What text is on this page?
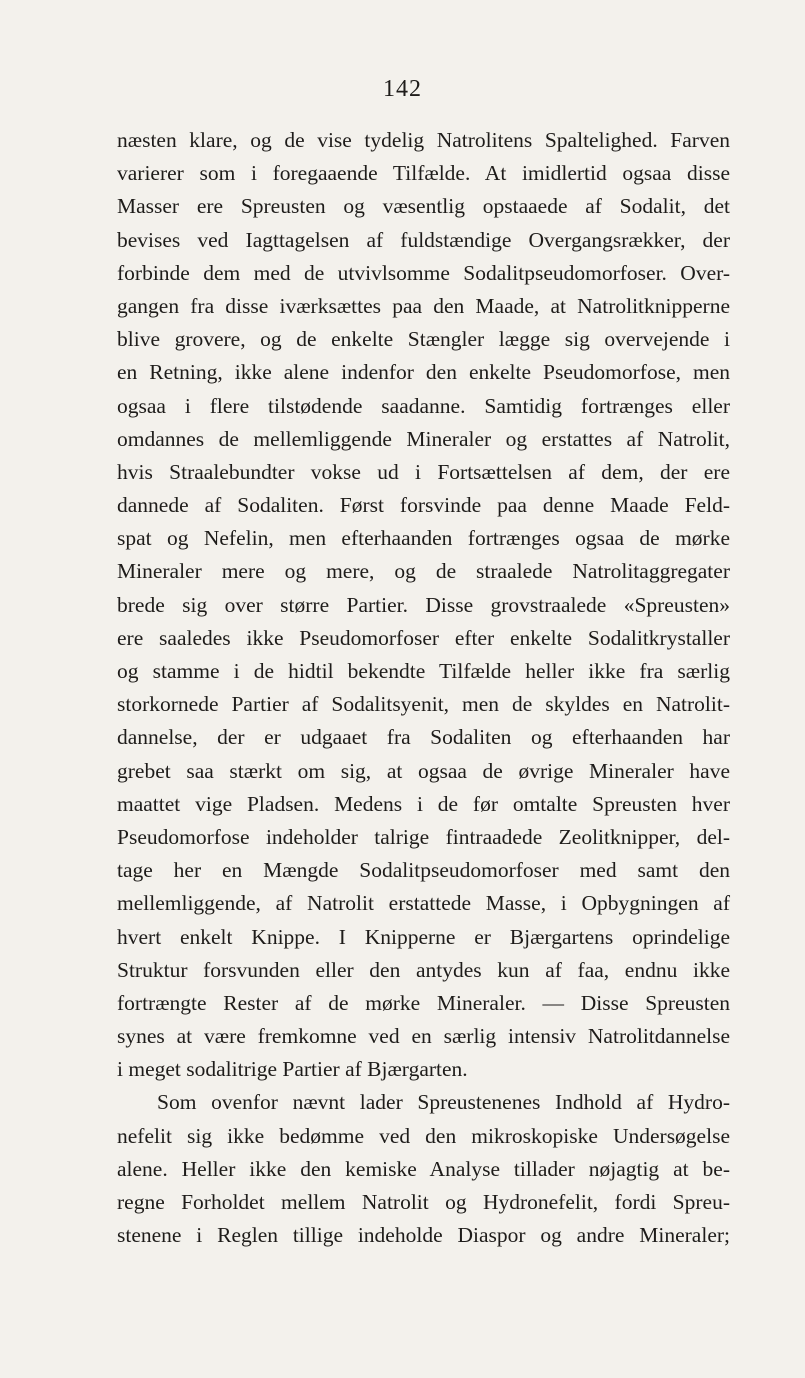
142
næsten klare, og de vise tydelig Natrolitens Spaltelighed. Farven
varierer som i foregaaende Tilfælde. At imidlertid ogsaa disse
Masser ere Spreusten og væsentlig opstaaede af Sodalit, det
bevises ved Iagttagelsen af fuldstændige Overgangsrækker, der
forbinde dem med de utvivlsomme Sodalitpseudomorfoser. Over-
gangen fra disse iværksættes paa den Maade, at Natrolitknipperne
blive grovere, og de enkelte Stængler lægge sig overvejende i
en Retning, ikke alene indenfor den enkelte Pseudomorfose, men
ogsaa i flere tilstødende saadanne. Samtidig fortrænges eller
omdannes de mellemliggende Mineraler og erstattes af Natrolit,
hvis Straalebundter vokse ud i Fortsættelsen af dem, der ere
dannede af Sodaliten. Først forsvinde paa denne Maade Feld-
spat og Nefelin, men efterhaanden fortrænges ogsaa de mørke
Mineraler mere og mere, og de straalede Natrolitaggregater
brede sig over større Partier. Disse grovstraalede «Spreusten»
ere saaledes ikke Pseudomorfoser efter enkelte Sodalitkrystaller
og stamme i de hidtil bekendte Tilfælde heller ikke fra særlig
storkornede Partier af Sodalitsyenit, men de skyldes en Natrolit-
dannelse, der er udgaaet fra Sodaliten og efterhaanden har
grebet saa stærkt om sig, at ogsaa de øvrige Mineraler have
maattet vige Pladsen. Medens i de før omtalte Spreusten hver
Pseudomorfose indeholder talrige fintraadede Zeolitknipper, del-
tage her en Mængde Sodalitpseudomorfoser med samt den
mellemliggende, af Natrolit erstattede Masse, i Opbygningen af
hvert enkelt Knippe. I Knipperne er Bjærgartens oprindelige
Struktur forsvunden eller den antydes kun af faa, endnu ikke
fortrængte Rester af de mørke Mineraler. — Disse Spreusten
synes at være fremkomne ved en særlig intensiv Natrolitdannelse
i meget sodalitrige Partier af Bjærgarten.
Som ovenfor nævnt lader Spreustenenes Indhold af Hydro-
nefelit sig ikke bedømme ved den mikroskopiske Undersøgelse
alene. Heller ikke den kemiske Analyse tillader nøjagtig at be-
regne Forholdet mellem Natrolit og Hydronefelit, fordi Spreu-
stenene i Reglen tillige indeholde Diaspor og andre Mineraler;
